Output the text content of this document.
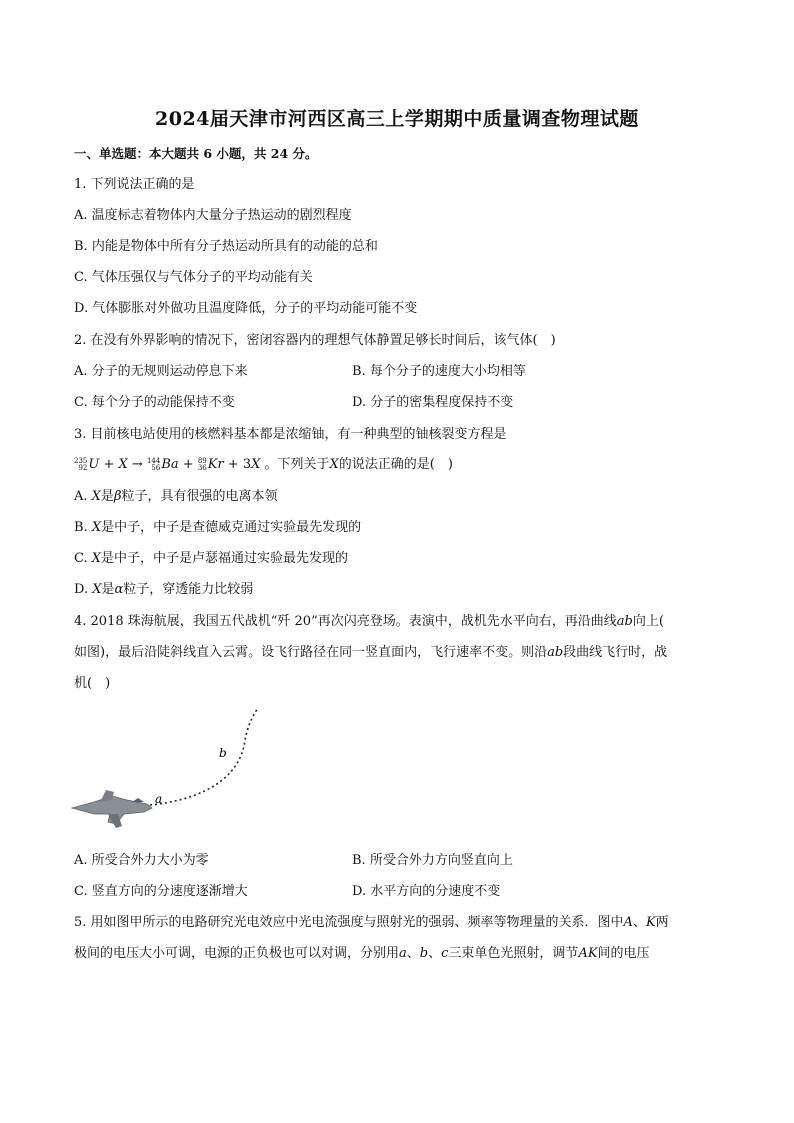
2024届天津市河西区高三上学期期中质量调查物理试题
一、单选题：本大题共 6 小题，共 24 分。
1. 下列说法正确的是
A. 温度标志着物体内大量分子热运动的剧烈程度
B. 内能是物体中所有分子热运动所具有的动能的总和
C. 气体压强仅与气体分子的平均动能有关
D. 气体膨胀对外做功且温度降低，分子的平均动能可能不变
2. 在没有外界影响的情况下，密闭容器内的理想气体静置足够长时间后，该气体(　)
A. 分子的无规则运动停息下来	B. 每个分子的速度大小均相等
C. 每个分子的动能保持不变	D. 分子的密集程度保持不变
3. 目前核电站使用的核燃料基本都是浓缩铀，有一种典型的铀核裂变方程是
235
92U + X → 144
56Ba + 89
36Kr + 3X 。下列关于X的说法正确的是(　)
A. X是β粒子，具有很强的电离本领
B. X是中子，中子是查德威克通过实验最先发现的
C. X是中子，中子是卢瑟福通过实验最先发现的
D. X是α粒子，穿透能力比较弱
4. 2018 珠海航展，我国五代战机“歼 20”再次闪亮登场。表演中，战机先水平向右，再沿曲线ab向上(
如图)，最后沿陡斜线直入云霄。设飞行路径在同一竖直面内，飞行速率不变。则沿ab段曲线飞行时，战
机(　)
a
b
A. 所受合外力大小为零	B. 所受合外力方向竖直向上
C. 竖直方向的分速度逐渐增大	D. 水平方向的分速度不变
5. 用如图甲所示的电路研究光电效应中光电流强度与照射光的强弱、频率等物理量的关系．图中A、K两
极间的电压大小可调，电源的正负极也可以对调，分别用a、b、c三束单色光照射，调节AK间的电压
